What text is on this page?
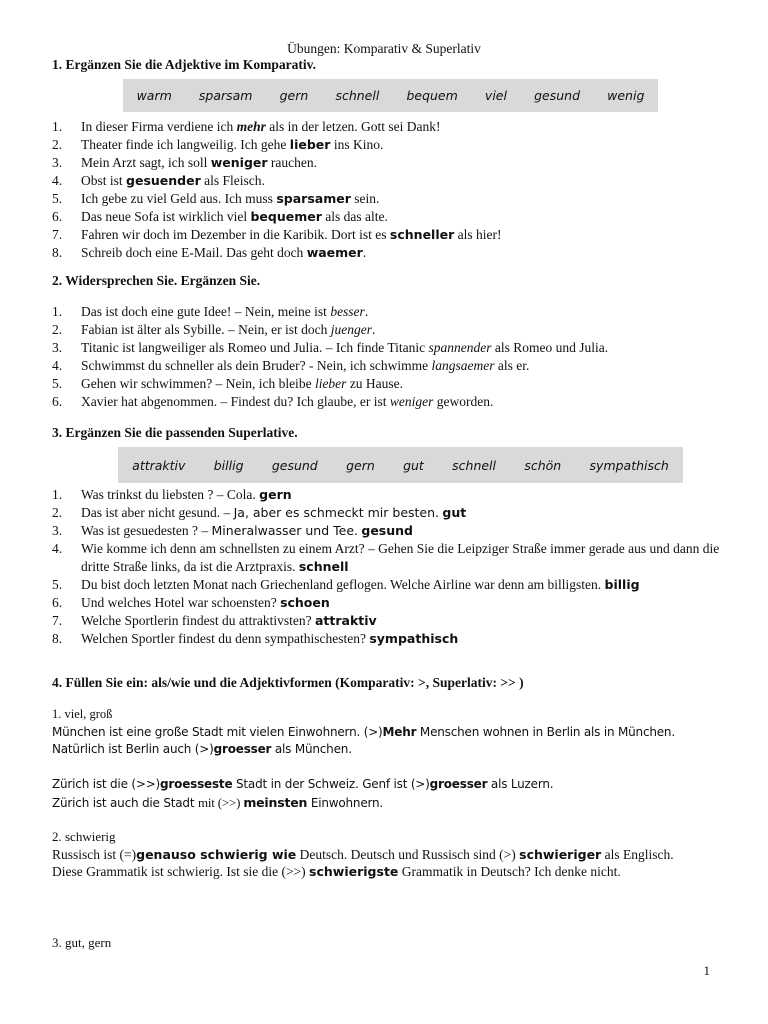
Übungen: Komparativ & Superlativ
1. Ergänzen Sie die Adjektive im Komparativ.
warm sparsam gern schnell bequem viel gesund wenig
1. In dieser Firma verdiene ich mehr als in der letzen. Gott sei Dank!
2. Theater finde ich langweilig. Ich gehe lieber ins Kino.
3. Mein Arzt sagt, ich soll weniger rauchen.
4. Obst ist gesuender als Fleisch.
5. Ich gebe zu viel Geld aus. Ich muss sparsamer sein.
6. Das neue Sofa ist wirklich viel bequemer als das alte.
7. Fahren wir doch im Dezember in die Karibik. Dort ist es schneller als hier!
8. Schreib doch eine E-Mail. Das geht doch waemer.
2. Widersprechen Sie. Ergänzen Sie.
1. Das ist doch eine gute Idee! – Nein, meine ist besser.
2. Fabian ist älter als Sybille. – Nein, er ist doch juenger.
3. Titanic ist langweiliger als Romeo und Julia. – Ich finde Titanic spannender als Romeo und Julia.
4. Schwimmst du schneller als dein Bruder? - Nein, ich schwimme langsaemer als er.
5. Gehen wir schwimmen? – Nein, ich bleibe lieber zu Hause.
6. Xavier hat abgenommen. – Findest du? Ich glaube, er ist weniger geworden.
3. Ergänzen Sie die passenden Superlative.
attraktiv billig gesund gern gut schnell schön sympathisch
1. Was trinkst du liebsten ? – Cola. gern
2. Das ist aber nicht gesund. – Ja, aber es schmeckt mir besten. gut
3. Was ist gesuedesten ? – Mineralwasser und Tee. gesund
4. Wie komme ich denn am schnellsten zu einem Arzt? – Gehen Sie die Leipziger Straße immer gerade aus und dann die dritte Straße links, da ist die Arztpraxis. schnell
5. Du bist doch letzten Monat nach Griechenland geflogen. Welche Airline war denn am billigsten. billig
6. Und welches Hotel war schoensten? schoen
7. Welche Sportlerin findest du attraktivsten? attraktiv
8. Welchen Sportler findest du denn sympathischesten? sympathisch
4. Füllen Sie ein: als/wie und die Adjektivformen (Komparativ: >, Superlativ: >> )

1. viel, groß

München ist eine große Stadt mit vielen Einwohnern. (>)Mehr Menschen wohnen in Berlin als in München.

Natürlich ist Berlin auch (>)groesser als München.

Zürich ist die (>>)groesseste Stadt in der Schweiz. Genf ist (>)groesser als Luzern.

Zürich ist auch die Stadt mit (>>) meinsten Einwohnern.

2. schwierig

Russisch ist (=)genauso schwierig wie Deutsch. Deutsch und Russisch sind (>) schwieriger als Englisch.

Diese Grammatik ist schwierig. Ist sie die (>>) schwierigste Grammatik in Deutsch? Ich denke nicht.

3. gut, gern

1
